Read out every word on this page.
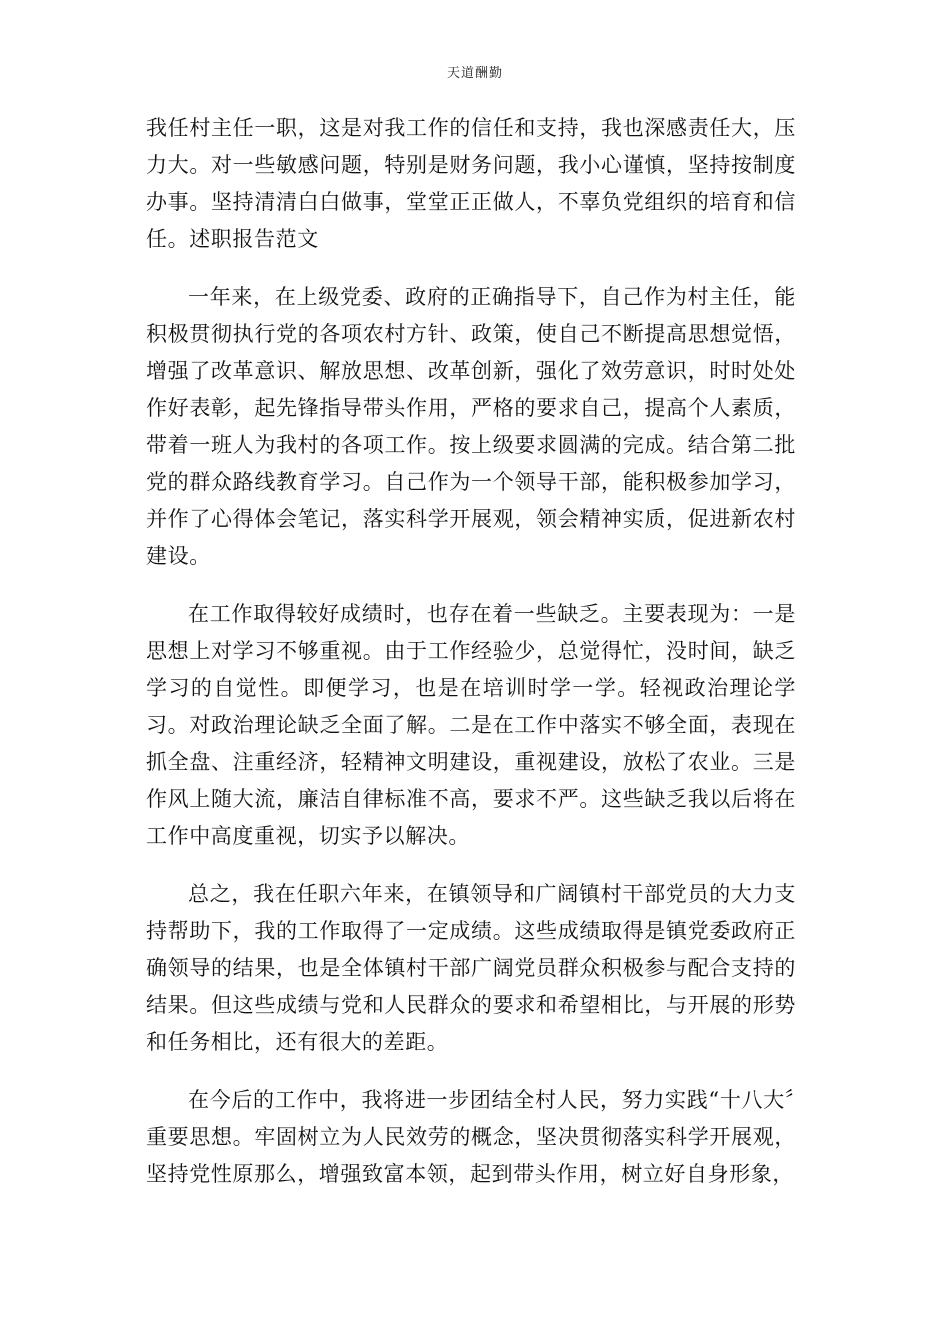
天道酬勤

我任村主任一职，这是对我工作的信任和支持，我也深感责任大，压力大。对一些敏感问题，特别是财务问题，我小心谨慎，坚持按制度办事。坚持清清白白做事，堂堂正正做人，不辜负党组织的培育和信任。述职报告范文

一年来，在上级党委、政府的正确指导下，自己作为村主任，能积极贯彻执行党的各项农村方针、政策，使自己不断提高思想觉悟，增强了改革意识、解放思想、改革创新，强化了效劳意识，时时处处作好表彰，起先锋指导带头作用，严格的要求自己，提高个人素质，带着一班人为我村的各项工作。按上级要求圆满的完成。结合第二批党的群众路线教育学习。自己作为一个领导干部，能积极参加学习，并作了心得体会笔记，落实科学开展观，领会精神实质，促进新农村建设。

在工作取得较好成绩时，也存在着一些缺乏。主要表现为：一是思想上对学习不够重视。由于工作经验少，总觉得忙，没时间，缺乏学习的自觉性。即便学习，也是在培训时学一学。轻视政治理论学习。对政治理论缺乏全面了解。二是在工作中落实不够全面，表现在抓全盘、注重经济，轻精神文明建设，重视建设，放松了农业。三是作风上随大流，廉洁自律标准不高，要求不严。这些缺乏我以后将在工作中高度重视，切实予以解决。

总之，我在任职六年来，在镇领导和广阔镇村干部党员的大力支持帮助下，我的工作取得了一定成绩。这些成绩取得是镇党委政府正确领导的结果，也是全体镇村干部广阔党员群众积极参与配合支持的结果。但这些成绩与党和人民群众的要求和希望相比，与开展的形势和任务相比，还有很大的差距。

在今后的工作中，我将进一步团结全村人民，努力实践“十八大〞重要思想。牢固树立为人民效劳的概念，坚决贯彻落实科学开展观，坚持党性原那么，增强致富本领，起到带头作用，树立好自身形象，
